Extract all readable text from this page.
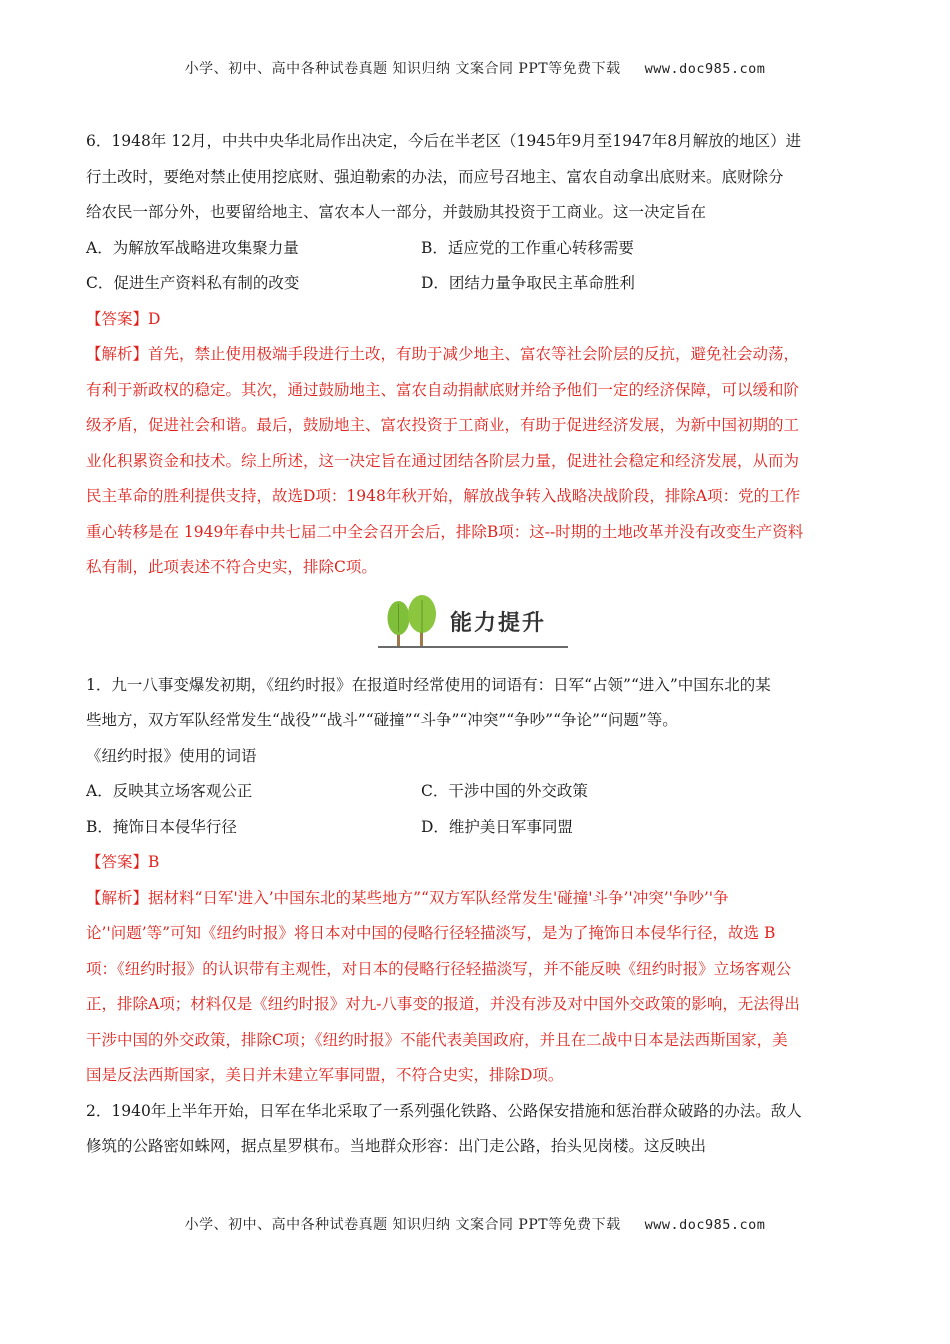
小学、初中、高中各种试卷真题 知识归纳 文案合同 PPT等免费下载 www.doc985.com

6．1948年 12月，中共中央华北局作出决定，今后在半老区（1945年9月至1947年8月解放的地区）进

行土改时，要绝对禁止使用挖底财、强迫勒索的办法，而应号召地主、富农自动拿出底财来。底财除分

给农民一部分外，也要留给地主、富农本人一部分，并鼓励其投资于工商业。这一决定旨在

A．为解放军战略进攻集聚力量	B．适应党的工作重心转移需要
C．促进生产资料私有制的改变	D．团结力量争取民主革命胜利

【答案】D

【解析】首先，禁止使用极端手段进行土改，有助于减少地主、富农等社会阶层的反抗，避免社会动荡，

有利于新政权的稳定。其次，通过鼓励地主、富农自动捐献底财并给予他们一定的经济保障，可以缓和阶

级矛盾，促进社会和谐。最后，鼓励地主、富农投资于工商业，有助于促进经济发展，为新中国初期的工

业化积累资金和技术。综上所述，这一决定旨在通过团结各阶层力量，促进社会稳定和经济发展，从而为

民主革命的胜利提供支持，故选D项：1948年秋开始，解放战争转入战略决战阶段，排除A项：党的工作

重心转移是在 1949年春中共七届二中全会召开会后，排除B项：这--时期的土地改革并没有改变生产资料

私有制，此项表述不符合史实，排除C项。

能力提升

1．九一八事变爆发初期，《纽约时报》在报道时经常使用的词语有：日军“占领”“进入”中国东北的某

些地方，双方军队经常发生“战役”“战斗”“碰撞”“斗争”“冲突”“争吵”“争论”“问题”等。

《纽约时报》使用的词语

A．反映其立场客观公正	C．干涉中国的外交政策
B．掩饰日本侵华行径	D．维护美日军事同盟

【答案】B

【解析】据材料“日军'进入’中国东北的某些地方”“双方军队经常发生'碰撞'斗争’'冲突’'争吵’'争

论’'问题’等”可知《纽约时报》将日本对中国的侵略行径轻描淡写，是为了掩饰日本侵华行径，故选 B

项：《纽约时报》的认识带有主观性，对日本的侵略行径轻描淡写，并不能反映《纽约时报》立场客观公

正，排除A项；材料仅是《纽约时报》对九-八事变的报道，并没有涉及对中国外交政策的影响，无法得出

干涉中国的外交政策，排除C项；《纽约时报》不能代表美国政府，并且在二战中日本是法西斯国家，美

国是反法西斯国家，美日并未建立军事同盟，不符合史实，排除D项。

2．1940年上半年开始，日军在华北采取了一系列强化铁路、公路保安措施和惩治群众破路的办法。敌人

修筑的公路密如蛛网，据点星罗棋布。当地群众形容：出门走公路，抬头见岗楼。这反映出

小学、初中、高中各种试卷真题 知识归纳 文案合同 PPT等免费下载 www.doc985.com
